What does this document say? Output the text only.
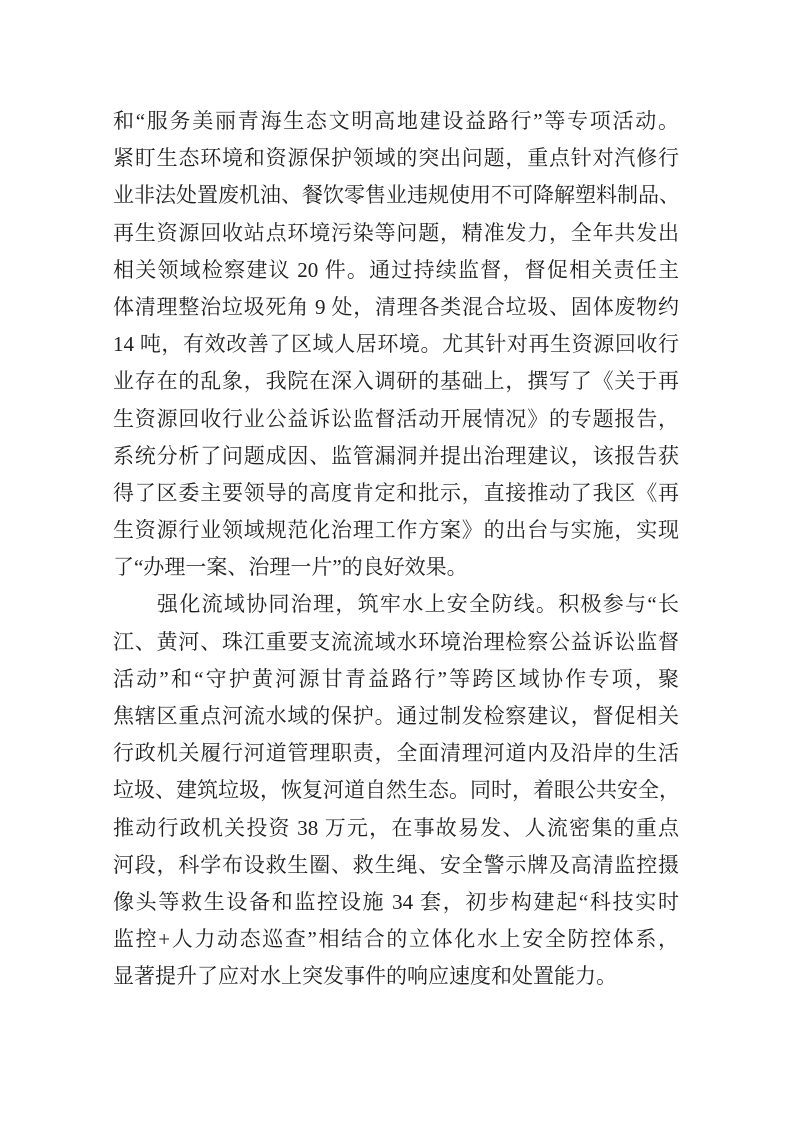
和“服务美丽青海生态文明高地建设益路行”等专项活动。
紧盯生态环境和资源保护领域的突出问题，重点针对汽修行
业非法处置废机油、餐饮零售业违规使用不可降解塑料制品、
再生资源回收站点环境污染等问题，精准发力，全年共发出
相关领域检察建议 20 件。通过持续监督，督促相关责任主
体清理整治垃圾死角 9 处，清理各类混合垃圾、固体废物约
14 吨，有效改善了区域人居环境。尤其针对再生资源回收行
业存在的乱象，我院在深入调研的基础上，撰写了《关于再
生资源回收行业公益诉讼监督活动开展情况》的专题报告，
系统分析了问题成因、监管漏洞并提出治理建议，该报告获
得了区委主要领导的高度肯定和批示，直接推动了我区《再
生资源行业领域规范化治理工作方案》的出台与实施，实现
了“办理一案、治理一片”的良好效果。
强化流域协同治理，筑牢水上安全防线。积极参与“长
江、黄河、珠江重要支流流域水环境治理检察公益诉讼监督
活动”和“守护黄河源甘青益路行”等跨区域协作专项，聚
焦辖区重点河流水域的保护。通过制发检察建议，督促相关
行政机关履行河道管理职责，全面清理河道内及沿岸的生活
垃圾、建筑垃圾，恢复河道自然生态。同时，着眼公共安全，
推动行政机关投资 38 万元，在事故易发、人流密集的重点
河段，科学布设救生圈、救生绳、安全警示牌及高清监控摄
像头等救生设备和监控设施 34 套，初步构建起“科技实时
监控+人力动态巡查”相结合的立体化水上安全防控体系，
显著提升了应对水上突发事件的响应速度和处置能力。
